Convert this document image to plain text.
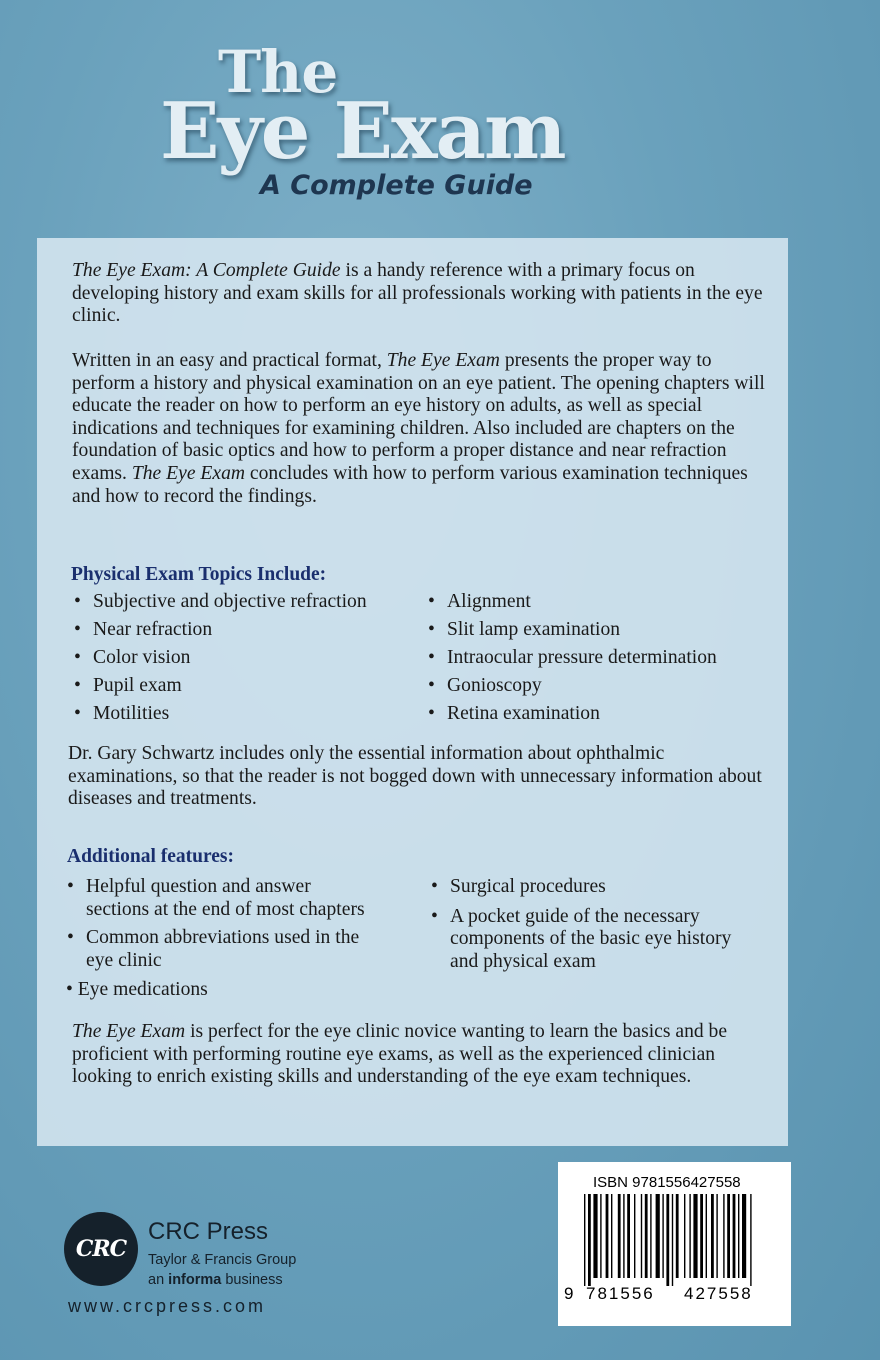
The
Eye Exam
A Complete Guide
The Eye Exam: A Complete Guide is a handy reference with a primary focus on developing history and exam skills for all professionals working with patients in the eye clinic.
Written in an easy and practical format, The Eye Exam presents the proper way to perform a history and physical examination on an eye patient. The opening chapters will educate the reader on how to perform an eye history on adults, as well as special indications and techniques for examining children. Also included are chapters on the foundation of basic optics and how to perform a proper distance and near refraction exams. The Eye Exam concludes with how to perform various examination techniques and how to record the findings.
Physical Exam Topics Include:
• Subjective and objective refraction
• Near refraction
• Color vision
• Pupil exam
• Motilities
• Alignment
• Slit lamp examination
• Intraocular pressure determination
• Gonioscopy
• Retina examination
Dr. Gary Schwartz includes only the essential information about ophthalmic examinations, so that the reader is not bogged down with unnecessary information about diseases and treatments.
Additional features:
• Helpful question and answer
sections at the end of most chapters
• Common abbreviations used in the
eye clinic
• Eye medications
• Surgical procedures
• A pocket guide of the necessary
components of the basic eye history
and physical exam
The Eye Exam is perfect for the eye clinic novice wanting to learn the basics and be proficient with performing routine eye exams, as well as the experienced clinician looking to enrich existing skills and understanding of the eye exam techniques.
CRC
CRC Press
Taylor & Francis Group
an informa business
www.crcpress.com
ISBN 9781556427558
9 781556 427558
